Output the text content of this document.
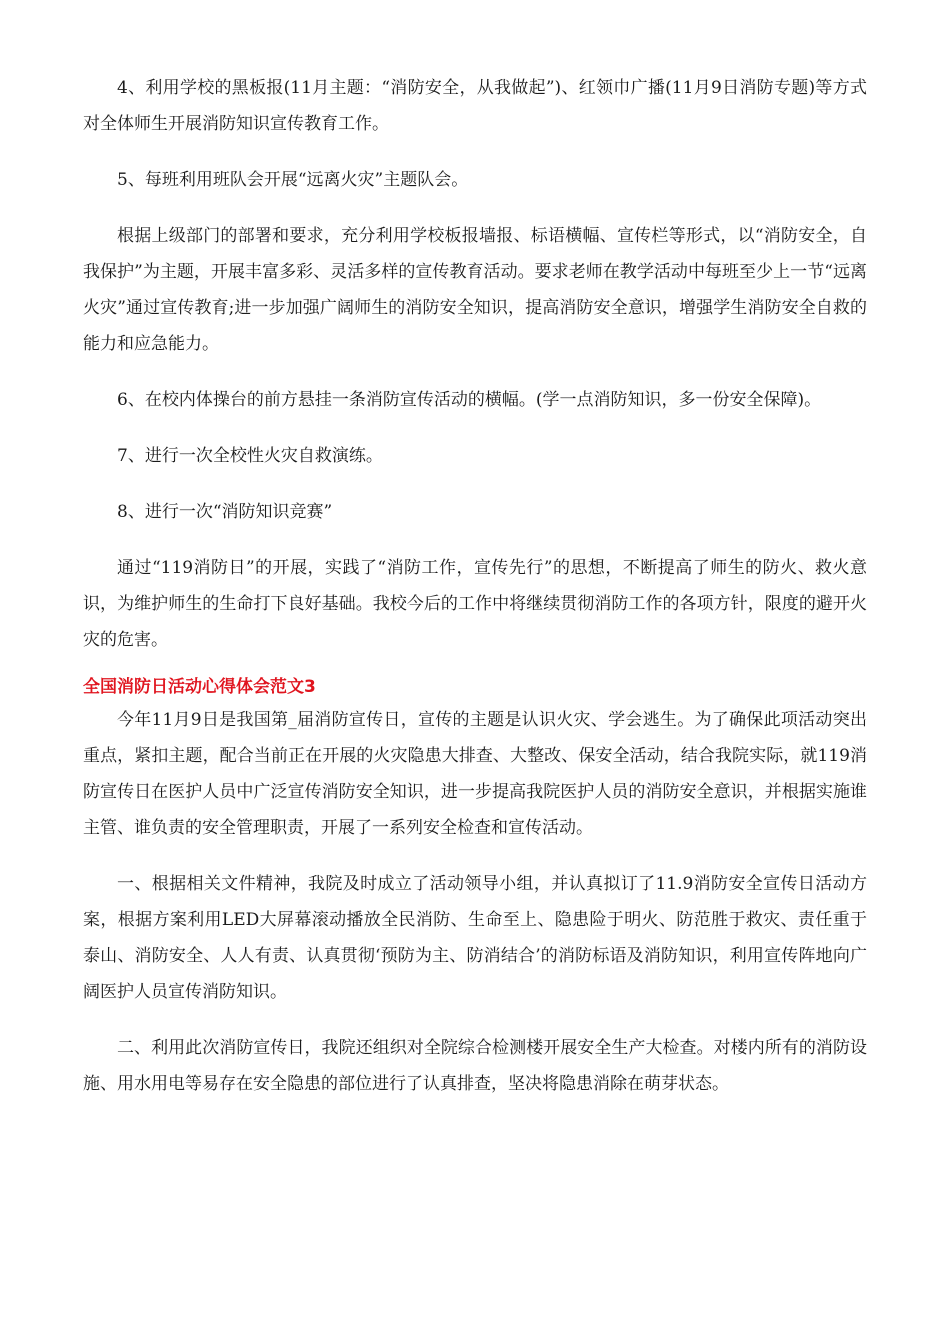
4、利用学校的黑板报(11月主题：“消防安全，从我做起”)、红领巾广播(11月9日消防专题)等方式对全体师生开展消防知识宣传教育工作。

5、每班利用班队会开展“远离火灾”主题队会。

根据上级部门的部署和要求，充分利用学校板报墙报、标语横幅、宣传栏等形式，以“消防安全，自我保护”为主题，开展丰富多彩、灵活多样的宣传教育活动。要求老师在教学活动中每班至少上一节“远离火灾”通过宣传教育;进一步加强广阔师生的消防安全知识，提高消防安全意识，增强学生消防安全自救的能力和应急能力。

6、在校内体操台的前方悬挂一条消防宣传活动的横幅。(学一点消防知识，多一份安全保障)。

7、进行一次全校性火灾自救演练。

8、进行一次“消防知识竞赛”

通过“119消防日”的开展，实践了“消防工作，宣传先行”的思想，不断提高了师生的防火、救火意识，为维护师生的生命打下良好基础。我校今后的工作中将继续贯彻消防工作的各项方针，限度的避开火灾的危害。

全国消防日活动心得体会范文3

今年11月9日是我国第_届消防宣传日，宣传的主题是认识火灾、学会逃生。为了确保此项活动突出重点，紧扣主题，配合当前正在开展的火灾隐患大排查、大整改、保安全活动，结合我院实际，就119消防宣传日在医护人员中广泛宣传消防安全知识，进一步提高我院医护人员的消防安全意识，并根据实施谁主管、谁负责的安全管理职责，开展了一系列安全检查和宣传活动。

一、根据相关文件精神，我院及时成立了活动领导小组，并认真拟订了11.9消防安全宣传日活动方案，根据方案利用LED大屏幕滚动播放全民消防、生命至上、隐患险于明火、防范胜于救灾、责任重于泰山、消防安全、人人有责、认真贯彻‘预防为主、防消结合’的消防标语及消防知识，利用宣传阵地向广阔医护人员宣传消防知识。

二、利用此次消防宣传日，我院还组织对全院综合检测楼开展安全生产大检查。对楼内所有的消防设施、用水用电等易存在安全隐患的部位进行了认真排查，坚决将隐患消除在萌芽状态。
